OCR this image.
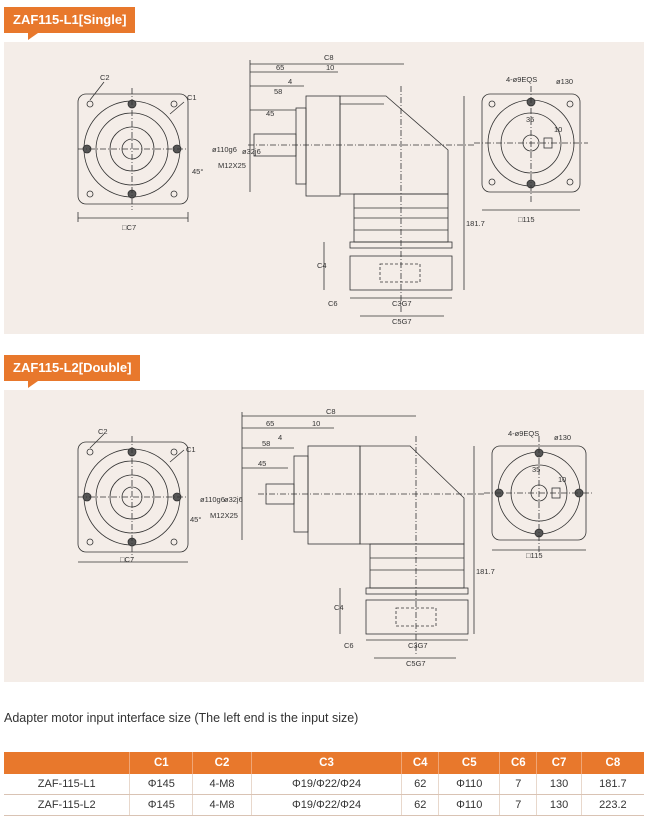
ZAF115-L1[Single]
C2
C1
□C7
45°
C8
65	10
4
58
45
ø32j6
ø110g6
M12X25
181.7
C4
C6	C3G7
C5G7
4-ø9EQS ø130
35
10
□115
ZAF115-L2[Double]
C2
C1
□C7
45°
C8
65	10
4
58
45
ø32j6
ø110g6
M12X25
181.7
C4
C6	C3G7
C5G7
4-ø9EQS ø130
35
10
□115
Adapter motor input interface size (The left end is the input size)
	C1	C2	C3	C4	C5	C6	C7	C8
ZAF-115-L1	Φ145	4-M8	Φ19/Φ22/Φ24	62	Φ110	7	130	181.7
ZAF-115-L2	Φ145	4-M8	Φ19/Φ22/Φ24	62	Φ110	7	130	223.2
